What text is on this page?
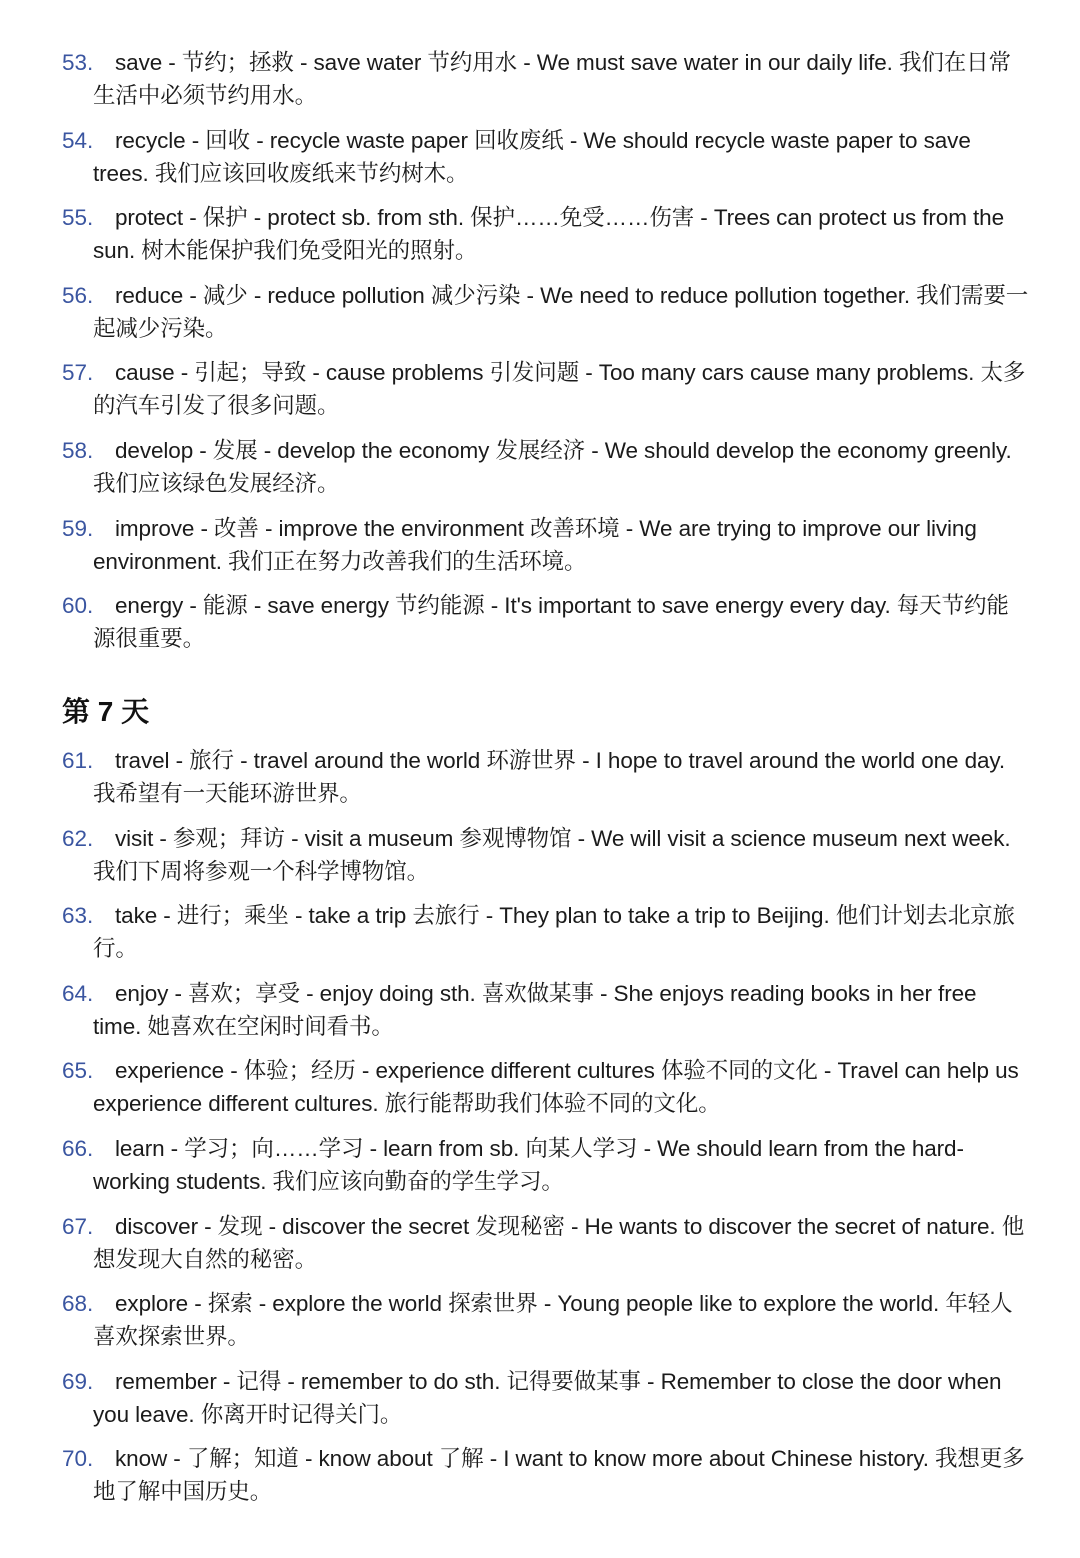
53. save - 节约；拯救 - save water 节约用水 - We must save water in our daily life. 我们在日常生活中必须节约用水。
54. recycle - 回收 - recycle waste paper 回收废纸 - We should recycle waste paper to save trees. 我们应该回收废纸来节约树木。
55. protect - 保护 - protect sb. from sth. 保护……免受……伤害 - Trees can protect us from the sun. 树木能保护我们免受阳光的照射。
56. reduce - 减少 - reduce pollution 减少污染 - We need to reduce pollution together. 我们需要一起减少污染。
57. cause - 引起；导致 - cause problems 引发问题 - Too many cars cause many problems. 太多的汽车引发了很多问题。
58. develop - 发展 - develop the economy 发展经济 - We should develop the economy greenly. 我们应该绿色发展经济。
59. improve - 改善 - improve the environment 改善环境 - We are trying to improve our living environment. 我们正在努力改善我们的生活环境。
60. energy - 能源 - save energy 节约能源 - It's important to save energy every day. 每天节约能源很重要。
第 7 天
61. travel - 旅行 - travel around the world 环游世界 - I hope to travel around the world one day. 我希望有一天能环游世界。
62. visit - 参观；拜访 - visit a museum 参观博物馆 - We will visit a science museum next week. 我们下周将参观一个科学博物馆。
63. take - 进行；乘坐 - take a trip 去旅行 - They plan to take a trip to Beijing. 他们计划去北京旅行。
64. enjoy - 喜欢；享受 - enjoy doing sth. 喜欢做某事 - She enjoys reading books in her free time. 她喜欢在空闲时间看书。
65. experience - 体验；经历 - experience different cultures 体验不同的文化 - Travel can help us experience different cultures. 旅行能帮助我们体验不同的文化。
66. learn - 学习；向……学习 - learn from sb. 向某人学习 - We should learn from the hard-working students. 我们应该向勤奋的学生学习。
67. discover - 发现 - discover the secret 发现秘密 - He wants to discover the secret of nature. 他想发现大自然的秘密。
68. explore - 探索 - explore the world 探索世界 - Young people like to explore the world. 年轻人喜欢探索世界。
69. remember - 记得 - remember to do sth. 记得要做某事 - Remember to close the door when you leave. 你离开时记得关门。
70. know - 了解；知道 - know about 了解 - I want to know more about Chinese history. 我想更多地了解中国历史。
